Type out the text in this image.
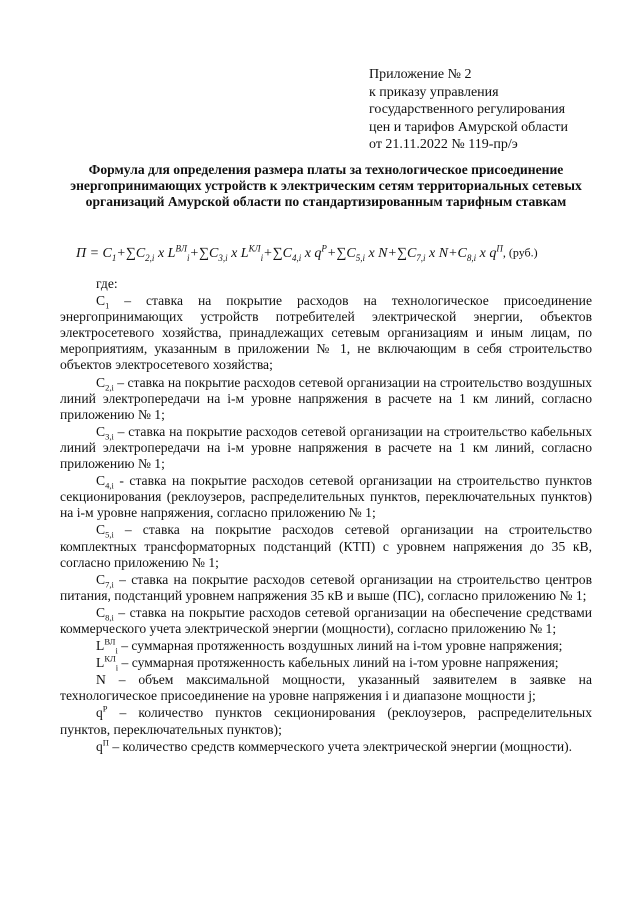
Приложение № 2
к приказу управления
государственного регулирования
цен и тарифов Амурской области
от 21.11.2022 № 119-пр/э
Формула для определения размера платы за технологическое присоединение энергопринимающих устройств к электрическим сетям территориальных сетевых организаций Амурской области по стандартизированным тарифным ставкам
$П = C_1+\sum C_{2,i}$ x $L^{ВЛ}_i+\sum C_{3,i}$ x $L^{КЛ}_i+\sum C_{4,i}$ x $q^P+\sum C_{5,i}$ x $N+\sum C_{7,i}$ x $N+C_{8,i}$ x $q^П$, (руб.)

где:

$С_1$ – ставка на покрытие расходов на технологическое присоединение энергопринимающих устройств потребителей электрической энергии, объектов электросетевого хозяйства, принадлежащих сетевым организациям и иным лицам, по мероприятиям, указанным в приложении № 1, не включающим в себя строительство объектов электросетевого хозяйства;

$С_{2,i}$ – ставка на покрытие расходов сетевой организации на строительство воздушных линий электропередачи на i-м уровне напряжения в расчете на 1 км линий, согласно приложению № 1;

$С_{3,i}$ – ставка на покрытие расходов сетевой организации на строительство кабельных линий электропередачи на i-м уровне напряжения в расчете на 1 км линий, согласно приложению № 1;

$С_{4,i}$ - ставка на покрытие расходов сетевой организации на строительство пунктов секционирования (реклоузеров, распределительных пунктов, переключательных пунктов) на i-м уровне напряжения, согласно приложению № 1;

$С_{5,i}$ – ставка на покрытие расходов сетевой организации на строительство комплектных трансформаторных подстанций (КТП) с уровнем напряжения до 35 кВ, согласно приложению № 1;

$С_{7,i}$ – ставка на покрытие расходов сетевой организации на строительство центров питания, подстанций уровнем напряжения 35 кВ и выше (ПС), согласно приложению № 1;

$С_{8,i}$ – ставка на покрытие расходов сетевой организации на обеспечение средствами коммерческого учета электрической энергии (мощности), согласно приложению № 1;

$L^{ВЛ}_i$ – суммарная протяженность воздушных линий на i-том уровне напряжения;

$L^{КЛ}_i$ – суммарная протяженность кабельных линий на i-том уровне напряжения;

N – объем максимальной мощности, указанный заявителем в заявке на технологическое присоединение на уровне напряжения i и диапазоне мощности j;

$q^P$ – количество пунктов секционирования (реклоузеров, распределительных пунктов, переключательных пунктов);

$q^П$ – количество средств коммерческого учета электрической энергии (мощности).
